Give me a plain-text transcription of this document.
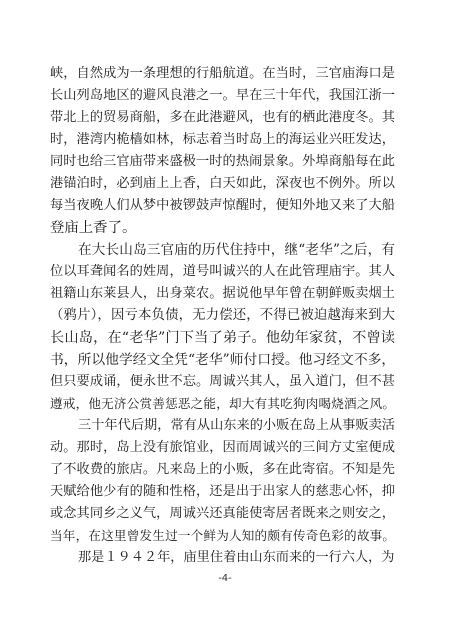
峡，自然成为一条理想的行船航道。在当时，三官庙海口是
长山列岛地区的避风良港之一。早在三十年代，我国江浙一
带北上的贸易商船，多在此港避风，也有的栖此港度冬。其
时，港湾内桅樯如林，标志着当时岛上的海运业兴旺发达，
同时也给三官庙带来盛极一时的热闹景象。外埠商船每在此
港锚泊时，必到庙上上香，白天如此，深夜也不例外。所以
每当夜晚人们从梦中被锣鼓声惊醒时，便知外地又来了大船
登庙上香了。
在大长山岛三官庙的历代住持中，继“老华”之后，有
位以耳聋闻名的姓周，道号叫诚兴的人在此管理庙宇。其人
祖籍山东莱县人，出身菜农。据说他早年曾在朝鲜贩卖烟土
（鸦片），因亏本负债，无力偿还，不得已被迫越海来到大
长山岛，在“老华”门下当了弟子。他幼年家贫，不曾读
书，所以他学经文全凭“老华”师付口授。他习经文不多，
但只要成诵，便永世不忘。周诚兴其人，虽入道门，但不甚
遵戒，他无济公赏善惩恶之能，却大有其吃狗肉喝烧酒之风。
三十年代后期，常有从山东来的小贩在岛上从事贩卖活
动。那时，岛上没有旅馆业，因而周诚兴的三间方丈室便成
了不收费的旅店。凡来岛上的小贩，多在此寄宿。不知是先
天赋给他少有的随和性格，还是出于出家人的慈悲心怀，抑
或念其同乡之义气，周诚兴还真能使寄居者既来之则安之，
当年，在这里曾发生过一个鲜为人知的颇有传奇色彩的故事。
那是１９４２年，庙里住着由山东而来的一行六人，为
-4-
